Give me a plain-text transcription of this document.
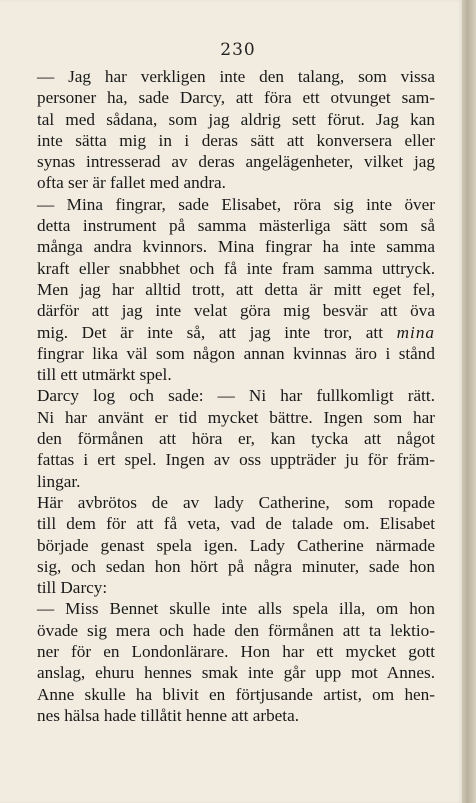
230
— Jag har verkligen inte den talang, som vissa
personer ha, sade Darcy, att föra ett otvunget sam-
tal med sådana, som jag aldrig sett förut. Jag kan
inte sätta mig in i deras sätt att konversera eller
synas intresserad av deras angelägenheter, vilket jag
ofta ser är fallet med andra.
— Mina fingrar, sade Elisabet, röra sig inte över
detta instrument på samma mästerliga sätt som så
många andra kvinnors. Mina fingrar ha inte samma
kraft eller snabbhet och få inte fram samma uttryck.
Men jag har alltid trott, att detta är mitt eget fel,
därför att jag inte velat göra mig besvär att öva
mig. Det är inte så, att jag inte tror, att mina
fingrar lika väl som någon annan kvinnas äro i stånd
till ett utmärkt spel.
Darcy log och sade: — Ni har fullkomligt rätt.
Ni har använt er tid mycket bättre. Ingen som har
den förmånen att höra er, kan tycka att något
fattas i ert spel. Ingen av oss uppträder ju för främ-
lingar.
Här avbrötos de av lady Catherine, som ropade
till dem för att få veta, vad de talade om. Elisabet
började genast spela igen. Lady Catherine närmade
sig, och sedan hon hört på några minuter, sade hon
till Darcy:
— Miss Bennet skulle inte alls spela illa, om hon
övade sig mera och hade den förmånen att ta lektio-
ner för en Londonlärare. Hon har ett mycket gott
anslag, ehuru hennes smak inte går upp mot Annes.
Anne skulle ha blivit en förtjusande artist, om hen-
nes hälsa hade tillåtit henne att arbeta.
